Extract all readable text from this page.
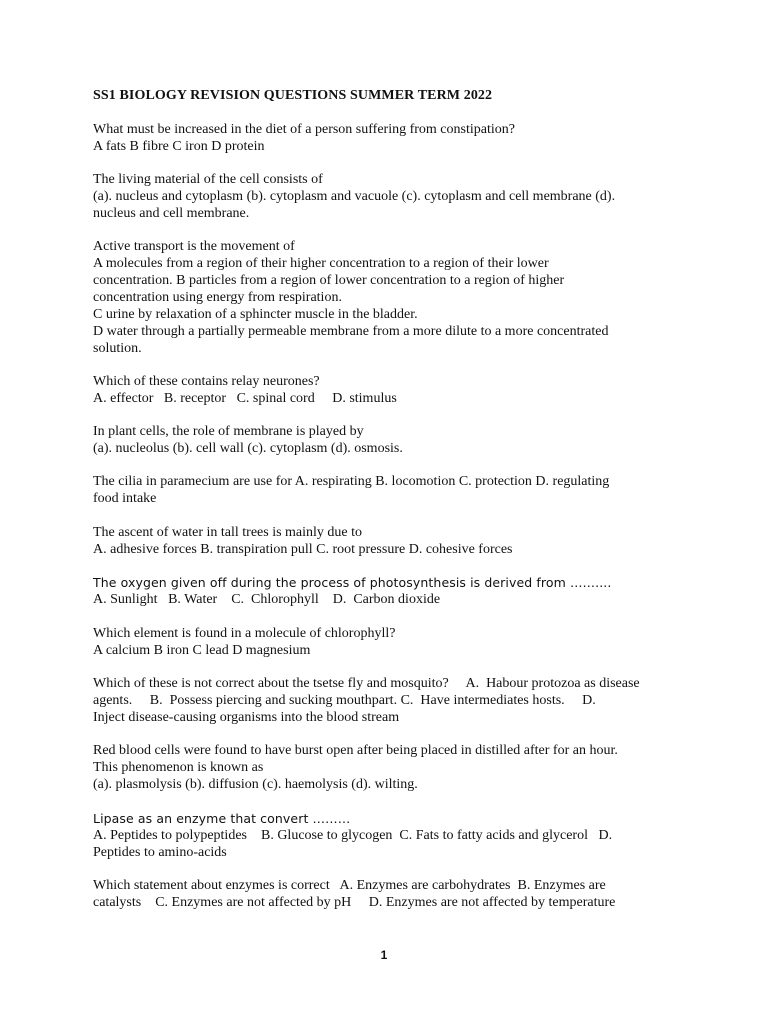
SS1 BIOLOGY REVISION QUESTIONS SUMMER TERM 2022
What must be increased in the diet of a person suffering from constipation?
A fats B fibre C iron D protein
The living material of the cell consists of
(a). nucleus and cytoplasm (b). cytoplasm and vacuole (c). cytoplasm and cell membrane (d).
nucleus and cell membrane.
Active transport is the movement of
A molecules from a region of their higher concentration to a region of their lower
concentration. B particles from a region of lower concentration to a region of higher
concentration using energy from respiration.
C urine by relaxation of a sphincter muscle in the bladder.
D water through a partially permeable membrane from a more dilute to a more concentrated
solution.
Which of these contains relay neurones?
A. effector   B. receptor   C. spinal cord     D. stimulus
In plant cells, the role of membrane is played by
(a). nucleolus (b). cell wall (c). cytoplasm (d). osmosis.
The cilia in paramecium are use for A. respirating B. locomotion C. protection D. regulating
food intake
The ascent of water in tall trees is mainly due to
A. adhesive forces B. transpiration pull C. root pressure D. cohesive forces
The oxygen given off during the process of photosynthesis is derived from ……....
A. Sunlight   B. Water    C.  Chlorophyll    D.  Carbon dioxide
Which element is found in a molecule of chlorophyll?
A calcium B iron C lead D magnesium
Which of these is not correct about the tsetse fly and mosquito?     A.  Habour protozoa as disease
agents.     B.  Possess piercing and sucking mouthpart. C.  Have intermediates hosts.     D.
Inject disease-causing organisms into the blood stream
Red blood cells were found to have burst open after being placed in distilled after for an hour.
This phenomenon is known as
(a). plasmolysis (b). diffusion (c). haemolysis (d). wilting.
Lipase as an enzyme that convert ………
A. Peptides to polypeptides    B. Glucose to glycogen  C. Fats to fatty acids and glycerol   D.
Peptides to amino-acids
Which statement about enzymes is correct   A. Enzymes are carbohydrates  B. Enzymes are
catalysts    C. Enzymes are not affected by pH     D. Enzymes are not affected by temperature
1
